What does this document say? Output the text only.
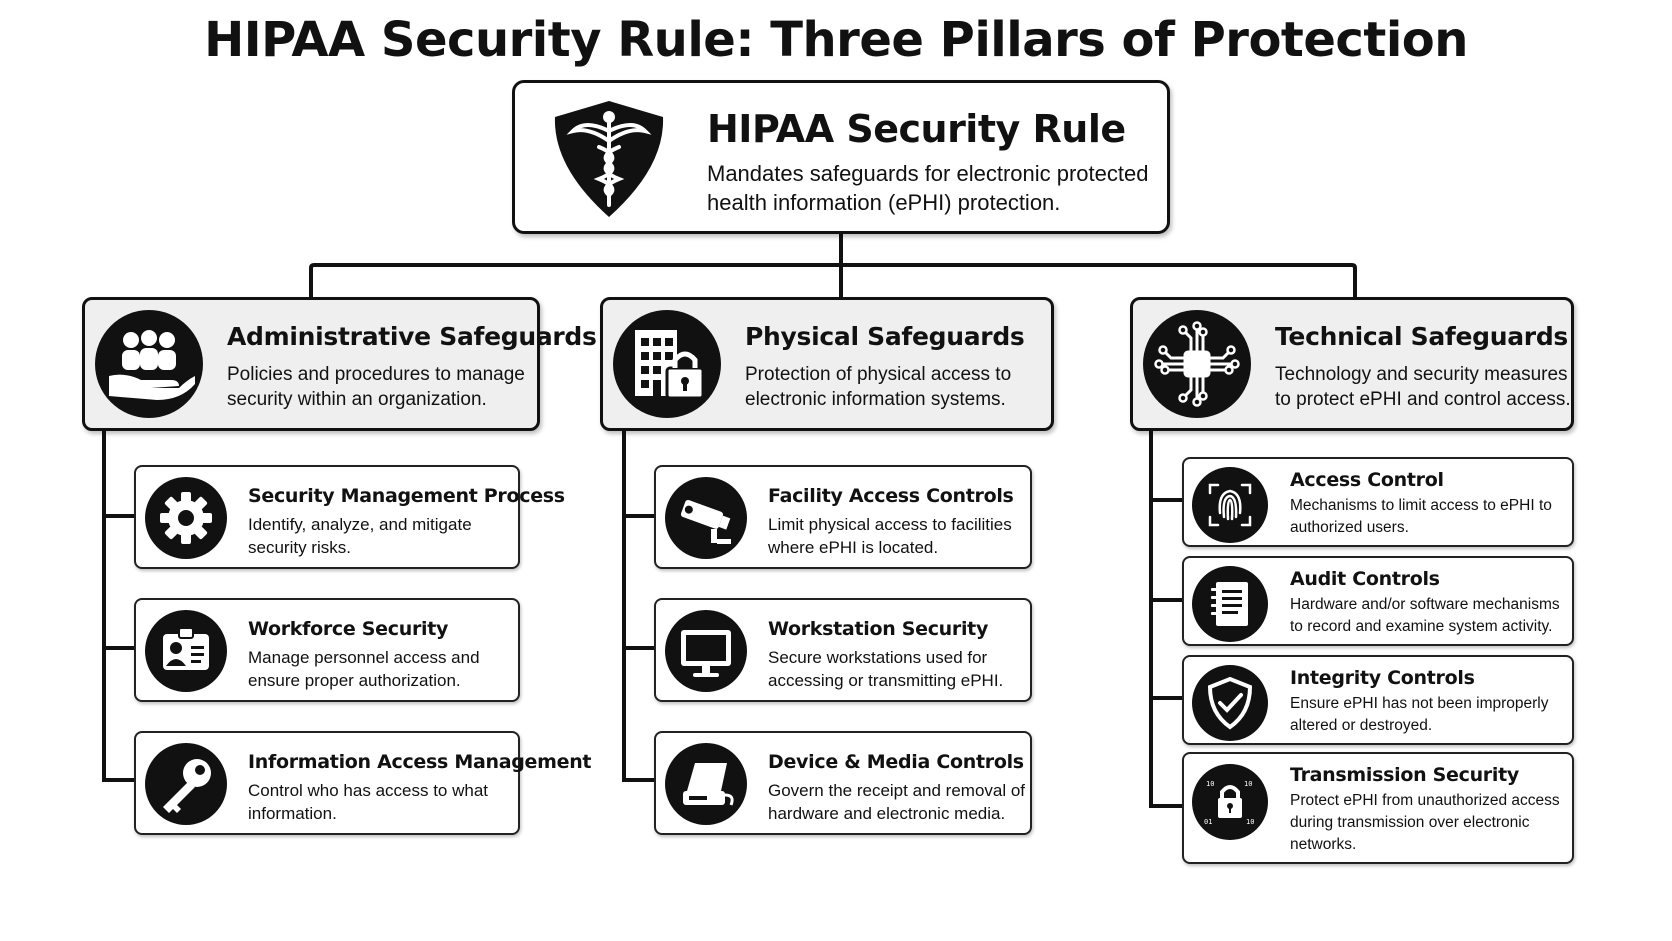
HIPAA Security Rule: Three Pillars of Protection
HIPAA Security Rule
Mandates safeguards for electronic protected health information (ePHI) protection.
Administrative Safeguards
Policies and procedures to manage security within an organization.
Physical Safeguards
Protection of physical access to electronic information systems.
Technical Safeguards
Technology and security measures to protect ePHI and control access.
Security Management Process
Identify, analyze, and mitigate security risks.
Workforce Security
Manage personnel access and ensure proper authorization.
Information Access Management
Control who has access to what information.
Facility Access Controls
Limit physical access to facilities where ePHI is located.
Workstation Security
Secure workstations used for accessing or transmitting ePHI.
Device & Media Controls
Govern the receipt and removal of hardware and electronic media.
Access Control
Mechanisms to limit access to ePHI to authorized users.
Audit Controls
Hardware and/or software mechanisms to record and examine system activity.
Integrity Controls
Ensure ePHI has not been improperly altered or destroyed.
10	10
01	10
Transmission Security
Protect ePHI from unauthorized access during transmission over electronic networks.
